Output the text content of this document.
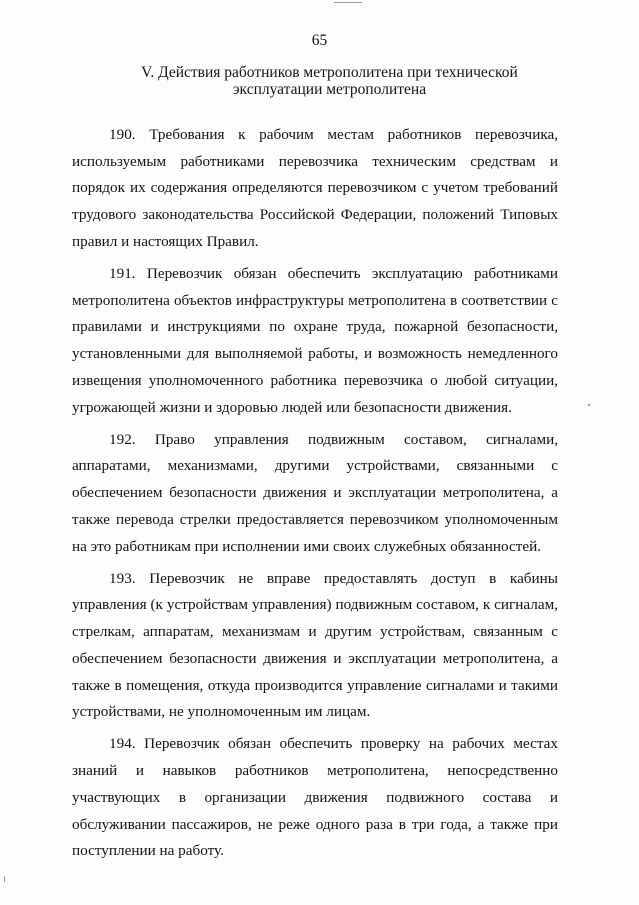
65
V. Действия работников метрополитена при технической
эксплуатации метрополитена

190. Требования к рабочим местам работников перевозчика, используемым работниками перевозчика техническим средствам и порядок их содержания определяются перевозчиком с учетом требований трудового законодательства Российской Федерации, положений Типовых правил и настоящих Правил.

191. Перевозчик обязан обеспечить эксплуатацию работниками метрополитена объектов инфраструктуры метрополитена в соответствии с правилами и инструкциями по охране труда, пожарной безопасности, установленными для выполняемой работы, и возможность немедленного извещения уполномоченного работника перевозчика о любой ситуации, угрожающей жизни и здоровью людей или безопасности движения.

192. Право управления подвижным составом, сигналами, аппаратами, механизмами, другими устройствами, связанными с обеспечением безопасности движения и эксплуатации метрополитена, а также перевода стрелки предоставляется перевозчиком уполномоченным на это работникам при исполнении ими своих служебных обязанностей.

193. Перевозчик не вправе предоставлять доступ в кабины управления (к устройствам управления) подвижным составом, к сигналам, стрелкам, аппаратам, механизмам и другим устройствам, связанным с обеспечением безопасности движения и эксплуатации метрополитена, а также в помещения, откуда производится управление сигналами и такими устройствами, не уполномоченным им лицам.

194. Перевозчик обязан обеспечить проверку на рабочих местах знаний и навыков работников метрополитена, непосредственно участвующих в организации движения подвижного состава и обслуживании пассажиров, не реже одного раза в три года, а также при поступлении на работу.
